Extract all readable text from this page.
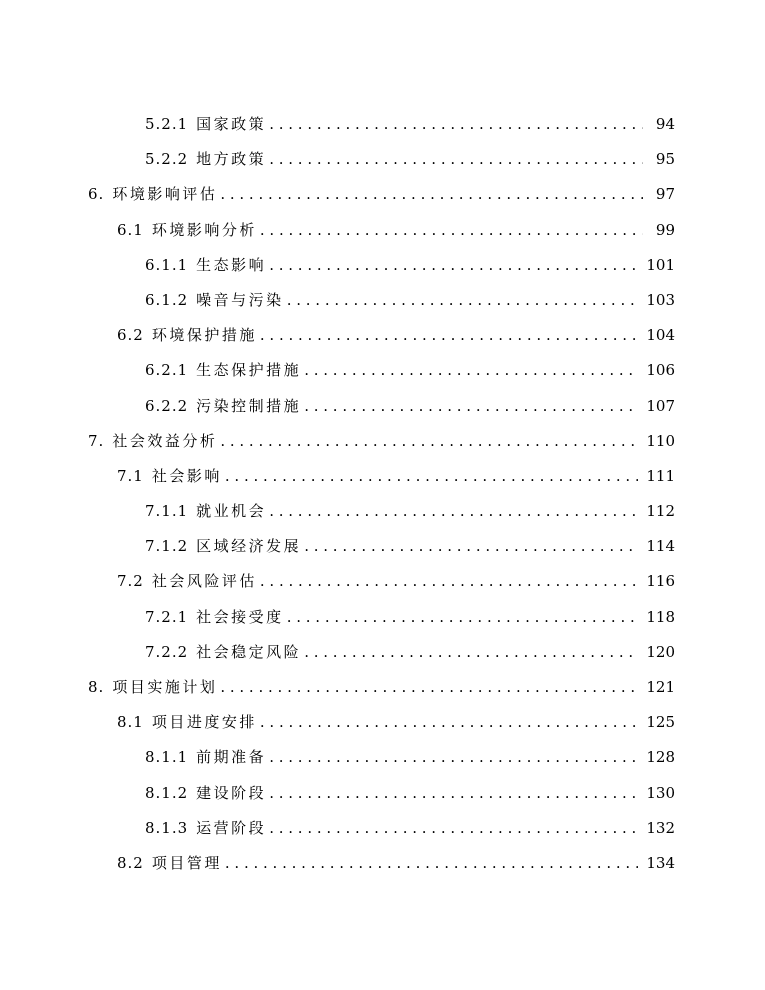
5.2.1 国家政策 . . .	94
5.2.2 地方政策 . . .	95
6. 环境影响评估 . . .	97
6.1 环境影响分析 . . .	99
6.1.1 生态影响 . . .	101
6.1.2 噪音与污染 . . .	103
6.2 环境保护措施 . . .	104
6.2.1 生态保护措施 . . .	106
6.2.2 污染控制措施 . . .	107
7. 社会效益分析 . . .	110
7.1 社会影响 . . .	111
7.1.1 就业机会 . . .	112
7.1.2 区域经济发展 . . .	114
7.2 社会风险评估 . . .	116
7.2.1 社会接受度 . . .	118
7.2.2 社会稳定风险 . . .	120
8. 项目实施计划 . . .	121
8.1 项目进度安排 . . .	125
8.1.1 前期准备 . . .	128
8.1.2 建设阶段 . . .	130
8.1.3 运营阶段 . . .	132
8.2 项目管理 . . .	134
